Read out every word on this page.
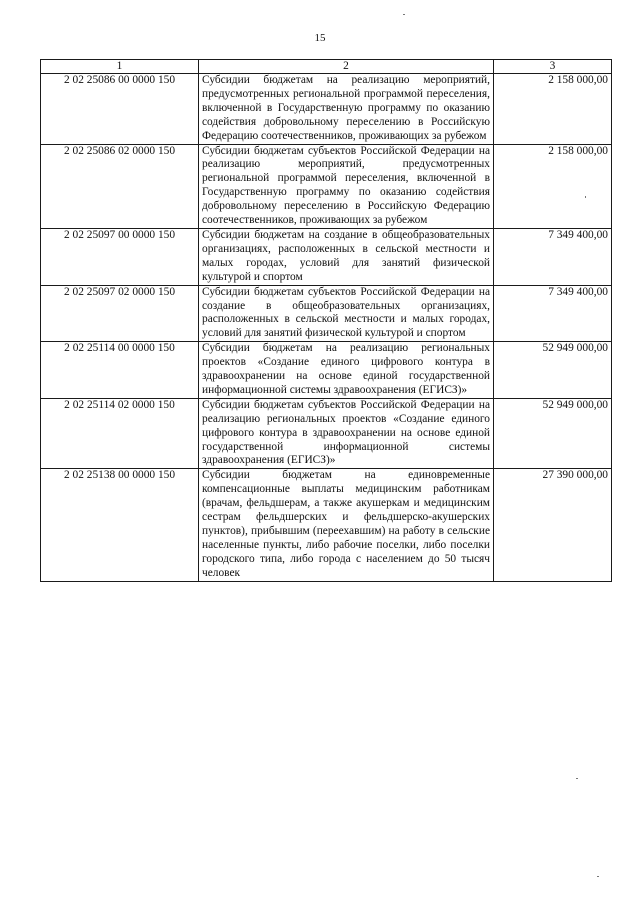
15
1	2	3
2 02 25086 00 0000 150	Субсидии бюджетам на реализацию мероприятий, предусмотренных региональной программой переселения, включенной в Государственную программу по оказанию содействия добровольному переселению в Российскую Федерацию соотечественников, проживающих за рубежом	2 158 000,00
2 02 25086 02 0000 150	Субсидии бюджетам субъектов Российской Федерации на реализацию мероприятий, предусмотренных региональной программой переселения, включенной в Государственную программу по оказанию содействия добровольному переселению в Российскую Федерацию соотечественников, проживающих за рубежом	2 158 000,00
2 02 25097 00 0000 150	Субсидии бюджетам на создание в общеобразовательных организациях, расположенных в сельской местности и малых городах, условий для занятий физической культурой и спортом	7 349 400,00
2 02 25097 02 0000 150	Субсидии бюджетам субъектов Российской Федерации на создание в общеобразовательных организациях, расположенных в сельской местности и малых городах, условий для занятий физической культурой и спортом	7 349 400,00
2 02 25114 00 0000 150	Субсидии бюджетам на реализацию региональных проектов «Создание единого цифрового контура в здравоохранении на основе единой государственной информационной системы здравоохранения (ЕГИСЗ)»	52 949 000,00
2 02 25114 02 0000 150	Субсидии бюджетам субъектов Российской Федерации на реализацию региональных проектов «Создание единого цифрового контура в здравоохранении на основе единой государственной информационной системы здравоохранения (ЕГИСЗ)»	52 949 000,00
2 02 25138 00 0000 150	Субсидии бюджетам на единовременные компенсационные выплаты медицинским работникам (врачам, фельдшерам, а также акушеркам и медицинским сестрам фельдшерских и фельдшерско-акушерских пунктов), прибывшим (переехавшим) на работу в сельские населенные пункты, либо рабочие поселки, либо поселки городского типа, либо города с населением до 50 тысяч человек	27 390 000,00
